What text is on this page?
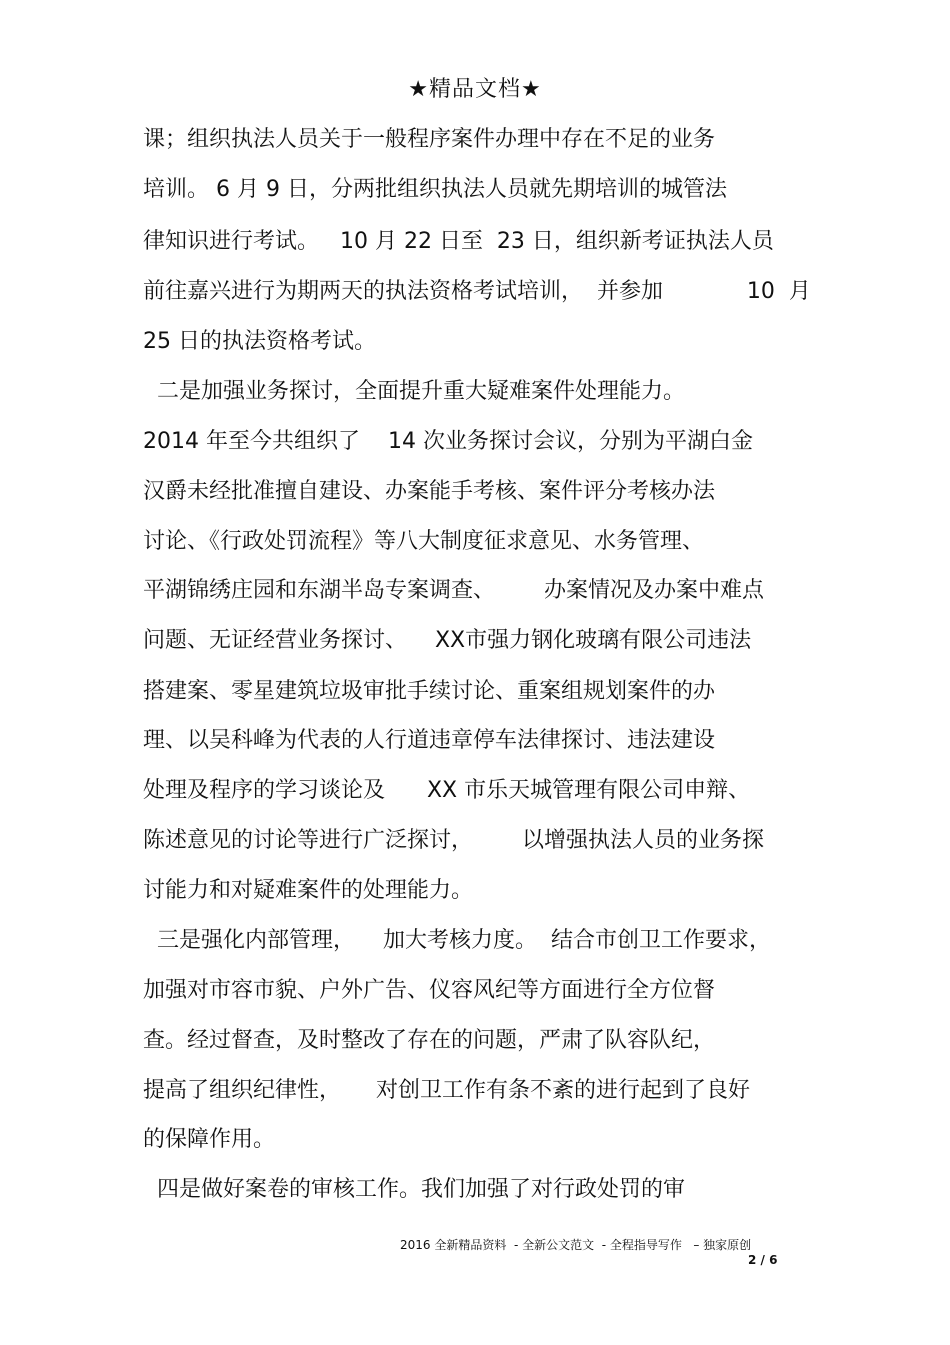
★精品文档★
课；组织执法人员关于一般程序案件办理中存在不足的业务
培训。 6 月 9 日，分两批组织执法人员就先期培训的城管法
律知识进行考试。   10 月 22 日至  23 日，组织新考证执法人员
前往嘉兴进行为期两天的执法资格考试培训，  并参加            10  月
25 日的执法资格考试。
二是加强业务探讨，全面提升重大疑难案件处理能力。
2014 年至今共组织了    14 次业务探讨会议，分别为平湖白金
汉爵未经批准擅自建设、办案能手考核、案件评分考核办法
讨论、《行政处罚流程》等八大制度征求意见、水务管理、
平湖锦绣庄园和东湖半岛专案调查、       办案情况及办案中难点
问题、无证经营业务探讨、    XX市强力钢化玻璃有限公司违法
搭建案、零星建筑垃圾审批手续讨论、重案组规划案件的办
理、以吴科峰为代表的人行道违章停车法律探讨、违法建设
处理及程序的学习谈论及      XX 市乐天城管理有限公司申辩、
陈述意见的讨论等进行广泛探讨，       以增强执法人员的业务探
讨能力和对疑难案件的处理能力。
三是强化内部管理，    加大考核力度。  结合市创卫工作要求，
加强对市容市貌、户外广告、仪容风纪等方面进行全方位督
查。经过督查，及时整改了存在的问题，严肃了队容队纪，
提高了组织纪律性，     对创卫工作有条不紊的进行起到了良好
的保障作用。
四是做好案卷的审核工作。我们加强了对行政处罚的审
2016 全新精品资料  - 全新公文范文  - 全程指导写作   – 独家原创
2 / 6
